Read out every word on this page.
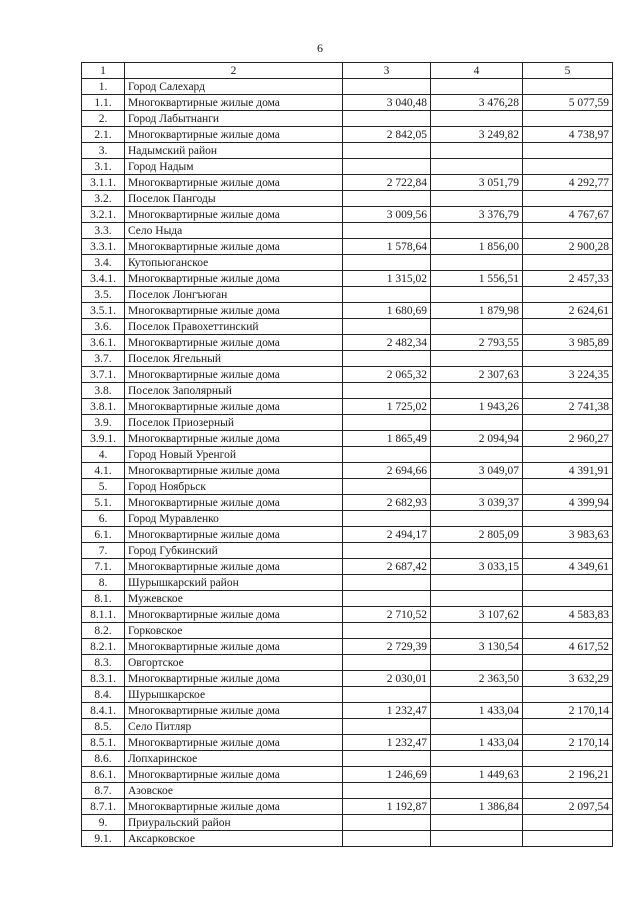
6
1	2	3	4	5
1.	Город Салехард			
1.1.	Многоквартирные жилые дома	3 040,48	3 476,28	5 077,59
2.	Город Лабытнанги			
2.1.	Многоквартирные жилые дома	2 842,05	3 249,82	4 738,97
3.	Надымский район			
3.1.	Город Надым			
3.1.1.	Многоквартирные жилые дома	2 722,84	3 051,79	4 292,77
3.2.	Поселок Пангоды			
3.2.1.	Многоквартирные жилые дома	3 009,56	3 376,79	4 767,67
3.3.	Село Ныда			
3.3.1.	Многоквартирные жилые дома	1 578,64	1 856,00	2 900,28
3.4.	Кутопьюганское			
3.4.1.	Многоквартирные жилые дома	1 315,02	1 556,51	2 457,33
3.5.	Поселок Лонгъюган			
3.5.1.	Многоквартирные жилые дома	1 680,69	1 879,98	2 624,61
3.6.	Поселок Правохеттинский			
3.6.1.	Многоквартирные жилые дома	2 482,34	2 793,55	3 985,89
3.7.	Поселок Ягельный			
3.7.1.	Многоквартирные жилые дома	2 065,32	2 307,63	3 224,35
3.8.	Поселок Заполярный			
3.8.1.	Многоквартирные жилые дома	1 725,02	1 943,26	2 741,38
3.9.	Поселок Приозерный			
3.9.1.	Многоквартирные жилые дома	1 865,49	2 094,94	2 960,27
4.	Город Новый Уренгой			
4.1.	Многоквартирные жилые дома	2 694,66	3 049,07	4 391,91
5.	Город Ноябрьск			
5.1.	Многоквартирные жилые дома	2 682,93	3 039,37	4 399,94
6.	Город Муравленко			
6.1.	Многоквартирные жилые дома	2 494,17	2 805,09	3 983,63
7.	Город Губкинский			
7.1.	Многоквартирные жилые дома	2 687,42	3 033,15	4 349,61
8.	Шурышкарский район			
8.1.	Мужевское			
8.1.1.	Многоквартирные жилые дома	2 710,52	3 107,62	4 583,83
8.2.	Горковское			
8.2.1.	Многоквартирные жилые дома	2 729,39	3 130,54	4 617,52
8.3.	Овгортское			
8.3.1.	Многоквартирные жилые дома	2 030,01	2 363,50	3 632,29
8.4.	Шурышкарское			
8.4.1.	Многоквартирные жилые дома	1 232,47	1 433,04	2 170,14
8.5.	Село Питляр			
8.5.1.	Многоквартирные жилые дома	1 232,47	1 433,04	2 170,14
8.6.	Лопхаринское			
8.6.1.	Многоквартирные жилые дома	1 246,69	1 449,63	2 196,21
8.7.	Азовское			
8.7.1.	Многоквартирные жилые дома	1 192,87	1 386,84	2 097,54
9.	Приуральский район			
9.1.	Аксарковское			
